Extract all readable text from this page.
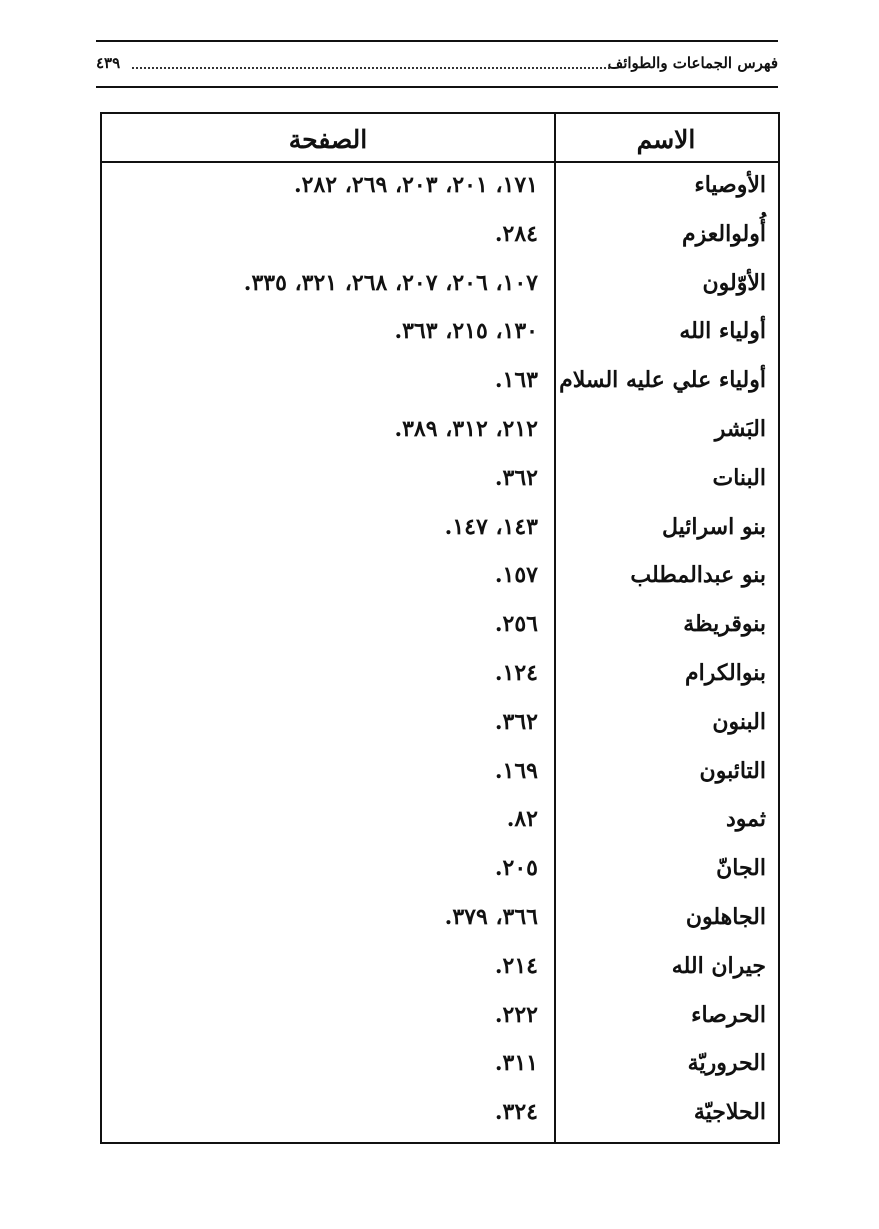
فهرس الجماعات والطوائف
٤٣٩
الاسم
الصفحة
الأوصياء
١٧١، ٢٠١، ٢٠٣، ٢٦٩، ٢٨٢.
أُولوالعزم
٢٨٤.
الأوّلون
١٠٧، ٢٠٦، ٢٠٧، ٢٦٨، ٣٢١، ٣٣٥.
أولياء الله
١٣٠، ٢١٥، ٣٦٣.
أولياء علي عليه السلام
١٦٣.
البَشر
٢١٢، ٣١٢، ٣٨٩.
البنات
٣٦٢.
بنو اسرائيل
١٤٣، ١٤٧.
بنو عبدالمطلب
١٥٧.
بنوقريظة
٢٥٦.
بنوالكرام
١٢٤.
البنون
٣٦٢.
التائبون
١٦٩.
ثمود
٨٢.
الجانّ
٢٠٥.
الجاهلون
٣٦٦، ٣٧٩.
جيران الله
٢١٤.
الحرصاء
٢٢٢.
الحروريّة
٣١١.
الحلاجيّة
٣٢٤.
